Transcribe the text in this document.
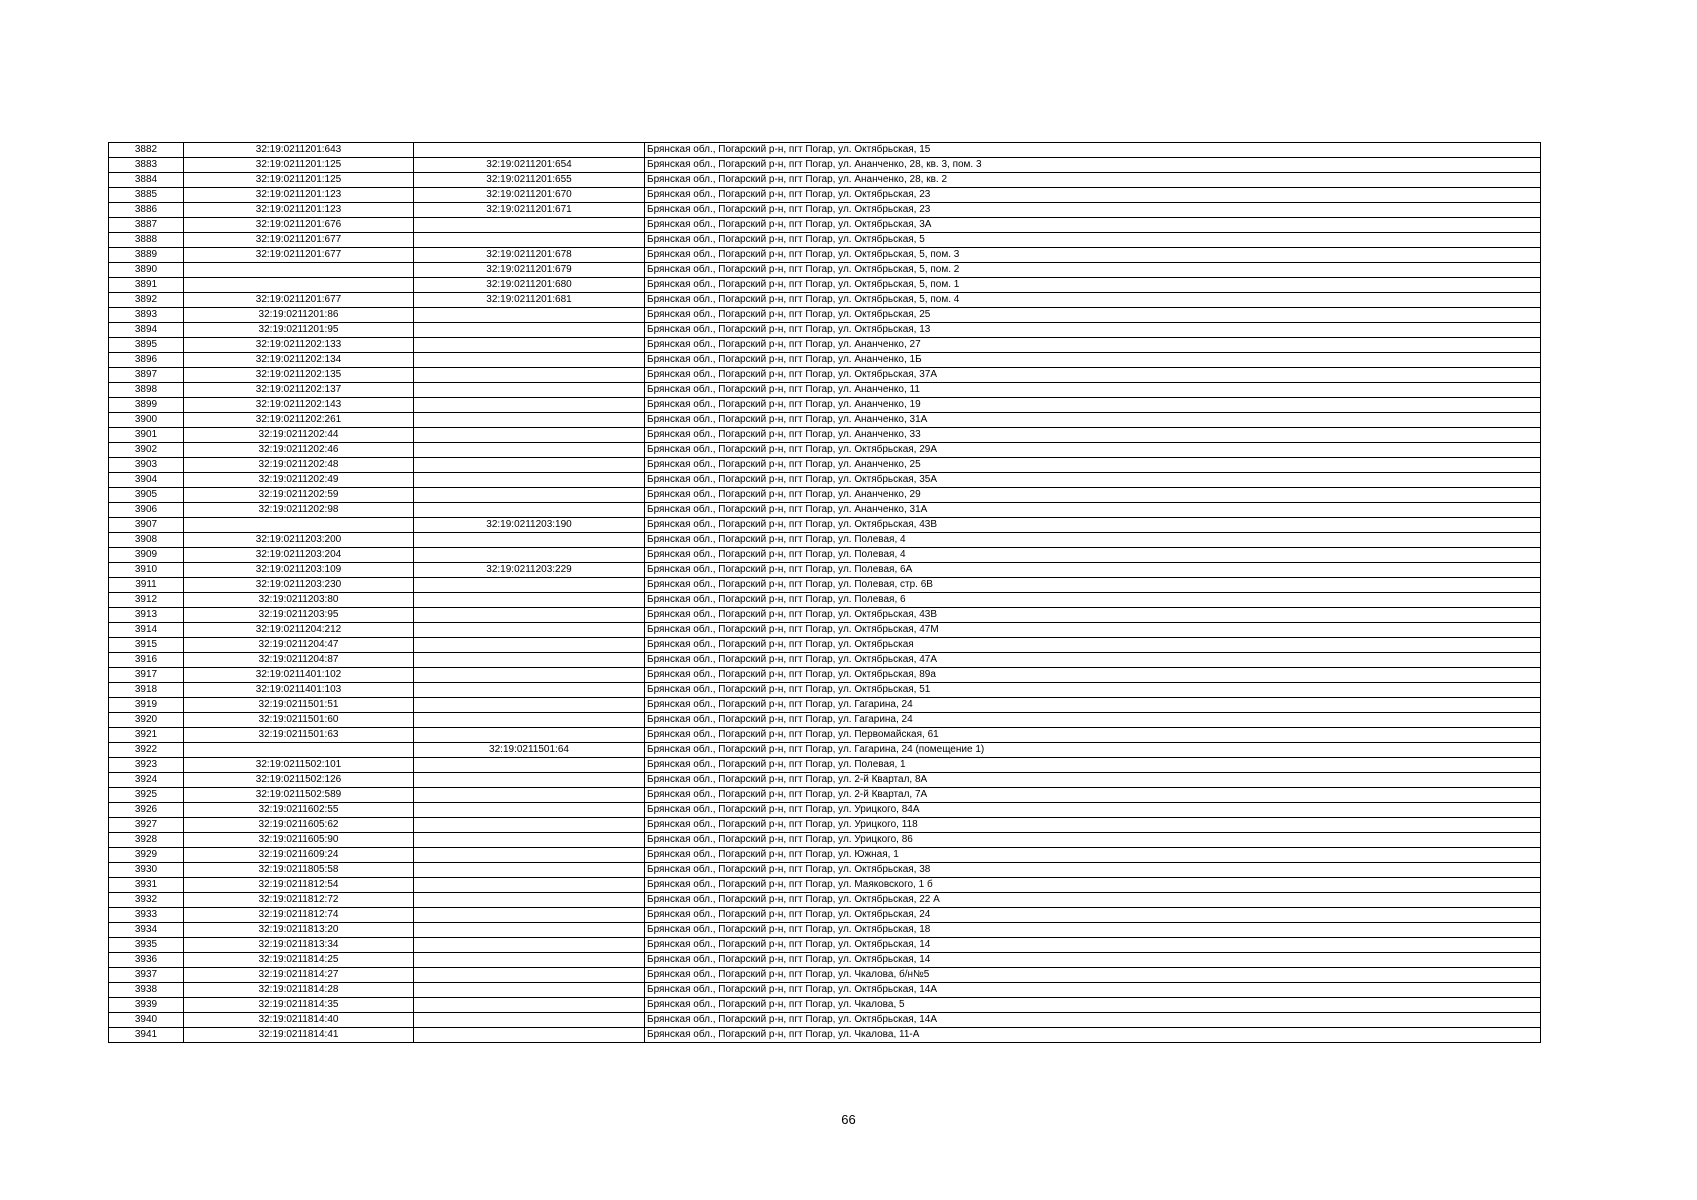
3882	32:19:0211201:643		Брянская обл., Погарский р-н, пгт Погар, ул. Октябрьская, 15
3883	32:19:0211201:125	32:19:0211201:654	Брянская обл., Погарский р-н, пгт Погар, ул. Ананченко, 28, кв. 3, пом. 3
3884	32:19:0211201:125	32:19:0211201:655	Брянская обл., Погарский р-н, пгт Погар, ул. Ананченко, 28, кв. 2
3885	32:19:0211201:123	32:19:0211201:670	Брянская обл., Погарский р-н, пгт Погар, ул. Октябрьская, 23
3886	32:19:0211201:123	32:19:0211201:671	Брянская обл., Погарский р-н, пгт Погар, ул. Октябрьская, 23
3887	32:19:0211201:676		Брянская обл., Погарский р-н, пгт Погар, ул. Октябрьская, 3А
3888	32:19:0211201:677		Брянская обл., Погарский р-н, пгт Погар, ул. Октябрьская, 5
3889	32:19:0211201:677	32:19:0211201:678	Брянская обл., Погарский р-н, пгт Погар, ул. Октябрьская, 5, пом. 3
3890		32:19:0211201:679	Брянская обл., Погарский р-н, пгт Погар, ул. Октябрьская, 5, пом. 2
3891		32:19:0211201:680	Брянская обл., Погарский р-н, пгт Погар, ул. Октябрьская, 5, пом. 1
3892	32:19:0211201:677	32:19:0211201:681	Брянская обл., Погарский р-н, пгт Погар, ул. Октябрьская, 5, пом. 4
3893	32:19:0211201:86		Брянская обл., Погарский р-н, пгт Погар, ул. Октябрьская, 25
3894	32:19:0211201:95		Брянская обл., Погарский р-н, пгт Погар, ул. Октябрьская, 13
3895	32:19:0211202:133		Брянская обл., Погарский р-н, пгт Погар, ул. Ананченко, 27
3896	32:19:0211202:134		Брянская обл., Погарский р-н, пгт Погар, ул. Ананченко, 1Б
3897	32:19:0211202:135		Брянская обл., Погарский р-н, пгт Погар, ул. Октябрьская, 37А
3898	32:19:0211202:137		Брянская обл., Погарский р-н, пгт Погар, ул. Ананченко, 11
3899	32:19:0211202:143		Брянская обл., Погарский р-н, пгт Погар, ул. Ананченко, 19
3900	32:19:0211202:261		Брянская обл., Погарский р-н, пгт Погар, ул. Ананченко, 31А
3901	32:19:0211202:44		Брянская обл., Погарский р-н, пгт Погар, ул. Ананченко, 33
3902	32:19:0211202:46		Брянская обл., Погарский р-н, пгт Погар, ул. Октябрьская, 29А
3903	32:19:0211202:48		Брянская обл., Погарский р-н, пгт Погар, ул. Ананченко, 25
3904	32:19:0211202:49		Брянская обл., Погарский р-н, пгт Погар, ул. Октябрьская, 35А
3905	32:19:0211202:59		Брянская обл., Погарский р-н, пгт Погар, ул. Ананченко, 29
3906	32:19:0211202:98		Брянская обл., Погарский р-н, пгт Погар, ул. Ананченко, 31А
3907		32:19:0211203:190	Брянская обл., Погарский р-н, пгт Погар, ул. Октябрьская, 43В
3908	32:19:0211203:200		Брянская обл., Погарский р-н, пгт Погар, ул. Полевая, 4
3909	32:19:0211203:204		Брянская обл., Погарский р-н, пгт Погар, ул. Полевая, 4
3910	32:19:0211203:109	32:19:0211203:229	Брянская обл., Погарский р-н, пгт Погар, ул. Полевая, 6А
3911	32:19:0211203:230		Брянская обл., Погарский р-н, пгт Погар, ул. Полевая, стр. 6В
3912	32:19:0211203:80		Брянская обл., Погарский р-н, пгт Погар, ул. Полевая, 6
3913	32:19:0211203:95		Брянская обл., Погарский р-н, пгт Погар, ул. Октябрьская, 43В
3914	32:19:0211204:212		Брянская обл., Погарский р-н, пгт Погар, ул. Октябрьская, 47М
3915	32:19:0211204:47		Брянская обл., Погарский р-н, пгт Погар, ул. Октябрьская
3916	32:19:0211204:87		Брянская обл., Погарский р-н, пгт Погар, ул. Октябрьская, 47А
3917	32:19:0211401:102		Брянская обл., Погарский р-н, пгт Погар, ул. Октябрьская, 89а
3918	32:19:0211401:103		Брянская обл., Погарский р-н, пгт Погар, ул. Октябрьская, 51
3919	32:19:0211501:51		Брянская обл., Погарский р-н, пгт Погар, ул. Гагарина, 24
3920	32:19:0211501:60		Брянская обл., Погарский р-н, пгт Погар, ул. Гагарина, 24
3921	32:19:0211501:63		Брянская обл., Погарский р-н, пгт Погар, ул. Первомайская, 61
3922		32:19:0211501:64	Брянская обл., Погарский р-н, пгт Погар, ул. Гагарина, 24 (помещение 1)
3923	32:19:0211502:101		Брянская обл., Погарский р-н, пгт Погар, ул. Полевая, 1
3924	32:19:0211502:126		Брянская обл., Погарский р-н, пгт Погар, ул. 2-й Квартал, 8А
3925	32:19:0211502:589		Брянская обл., Погарский р-н, пгт Погар, ул. 2-й Квартал, 7А
3926	32:19:0211602:55		Брянская обл., Погарский р-н, пгт Погар, ул. Урицкого, 84А
3927	32:19:0211605:62		Брянская обл., Погарский р-н, пгт Погар, ул. Урицкого, 118
3928	32:19:0211605:90		Брянская обл., Погарский р-н, пгт Погар, ул. Урицкого, 86
3929	32:19:0211609:24		Брянская обл., Погарский р-н, пгт Погар, ул. Южная, 1
3930	32:19:0211805:58		Брянская обл., Погарский р-н, пгт Погар, ул. Октябрьская, 38
3931	32:19:0211812:54		Брянская обл., Погарский р-н, пгт Погар, ул. Маяковского, 1 б
3932	32:19:0211812:72		Брянская обл., Погарский р-н, пгт Погар, ул. Октябрьская, 22 А
3933	32:19:0211812:74		Брянская обл., Погарский р-н, пгт Погар, ул. Октябрьская, 24
3934	32:19:0211813:20		Брянская обл., Погарский р-н, пгт Погар, ул. Октябрьская, 18
3935	32:19:0211813:34		Брянская обл., Погарский р-н, пгт Погар, ул. Октябрьская, 14
3936	32:19:0211814:25		Брянская обл., Погарский р-н, пгт Погар, ул. Октябрьская, 14
3937	32:19:0211814:27		Брянская обл., Погарский р-н, пгт Погар, ул. Чкалова, б/н№5
3938	32:19:0211814:28		Брянская обл., Погарский р-н, пгт Погар, ул. Октябрьская, 14А
3939	32:19:0211814:35		Брянская обл., Погарский р-н, пгт Погар, ул. Чкалова, 5
3940	32:19:0211814:40		Брянская обл., Погарский р-н, пгт Погар, ул. Октябрьская, 14А
3941	32:19:0211814:41		Брянская обл., Погарский р-н, пгт Погар, ул. Чкалова, 11-А
66
